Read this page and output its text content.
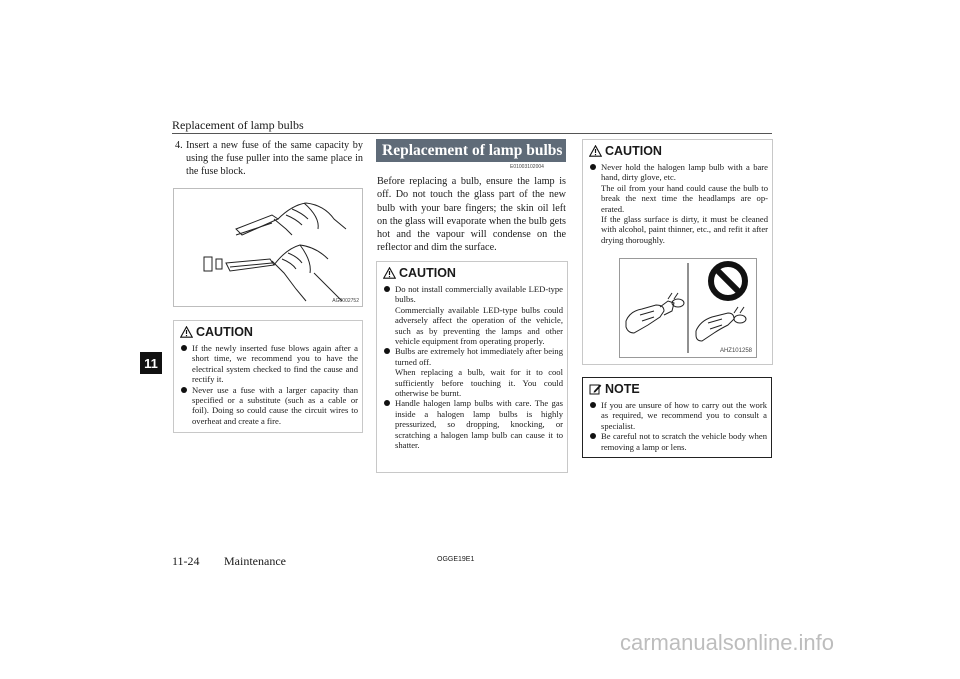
Replacement of lamp bulbs
11
4. Insert a new fuse of the same capacity by using the fuse puller into the same place in the fuse block.
AG0002752
CAUTION
If the newly inserted fuse blows again after a short time, we recommend you to have the electrical system checked to find the cause and rectify it.
Never use a fuse with a larger capacity than specified or a substitute (such as a cable or foil). Doing so could cause the circuit wires to overheat and create a fire.
Replacement of lamp bulbs
E01003102004
Before replacing a bulb, ensure the lamp is off. Do not touch the glass part of the new bulb with your bare fingers; the skin oil left on the glass will evaporate when the bulb gets hot and the vapour will condense on the reflector and dim the surface.
CAUTION
Do not install commercially available LED-type bulbs.
Commercially available LED-type bulbs could adversely affect the operation of the vehicle, such as by preventing the lamps and other vehicle equipment from operating properly.
Bulbs are extremely hot immediately after being turned off.
When replacing a bulb, wait for it to cool sufficiently before touching it. You could otherwise be burnt.
Handle halogen lamp bulbs with care. The gas inside a halogen lamp bulbs is highly pressurized, so dropping, knocking, or scratching a halogen lamp bulb can cause it to shatter.
CAUTION
Never hold the halogen lamp bulb with a bare hand, dirty glove, etc.
The oil from your hand could cause the bulb to break the next time the headlamps are op-erated.
If the glass surface is dirty, it must be cleaned with alcohol, paint thinner, etc., and refit it after drying thoroughly.
AHZ101258
NOTE
If you are unsure of how to carry out the work as required, we recommend you to consult a specialist.
Be careful not to scratch the vehicle body when removing a lamp or lens.
11-24 Maintenance	OGGE19E1
carmanualsonline.info
